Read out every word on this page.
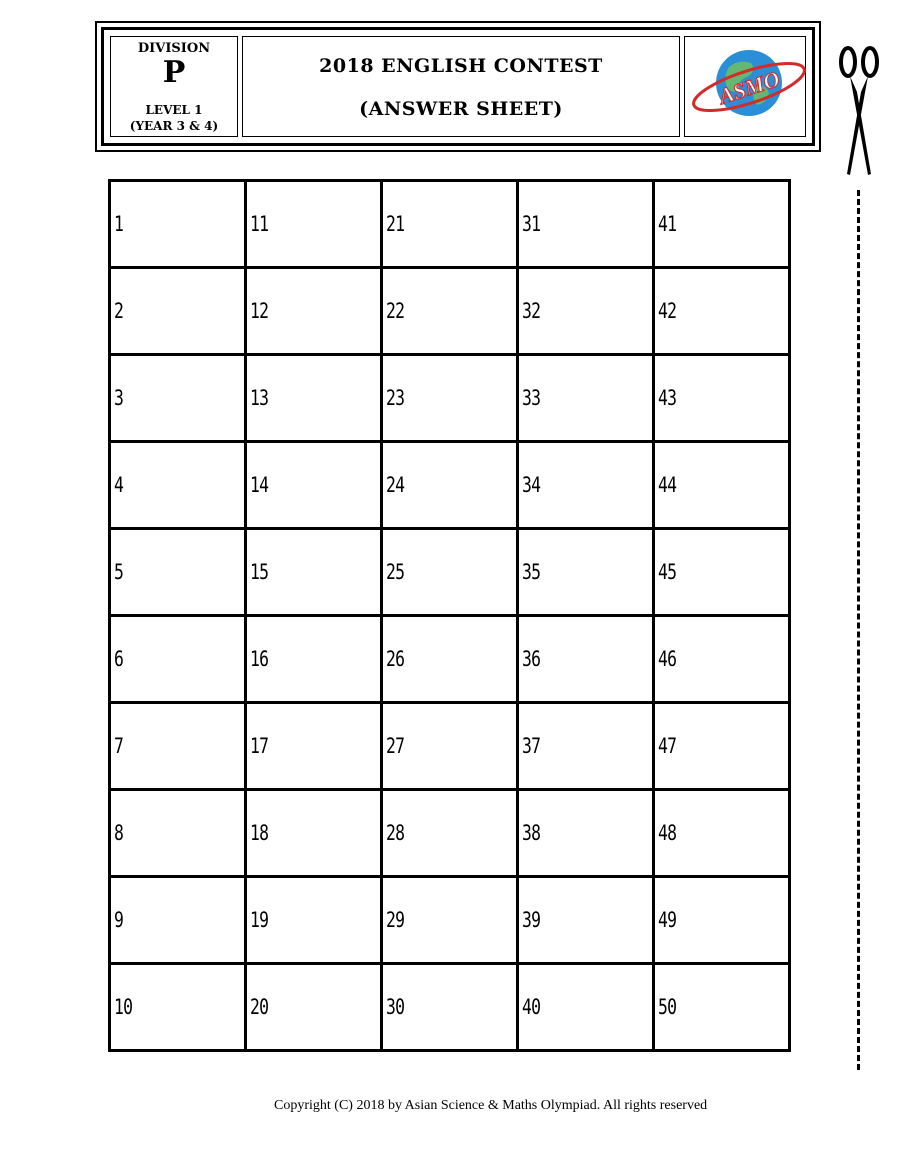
DIVISION
P
LEVEL 1
(YEAR 3 & 4)
2018 ENGLISH CONTEST
(ANSWER SHEET)
ASMO
1	11	21	31	41
2	12	22	32	42
3	13	23	33	43
4	14	24	34	44
5	15	25	35	45
6	16	26	36	46
7	17	27	37	47
8	18	28	38	48
9	19	29	39	49
10	20	30	40	50
Copyright (C) 2018 by Asian Science & Maths Olympiad. All rights reserved
